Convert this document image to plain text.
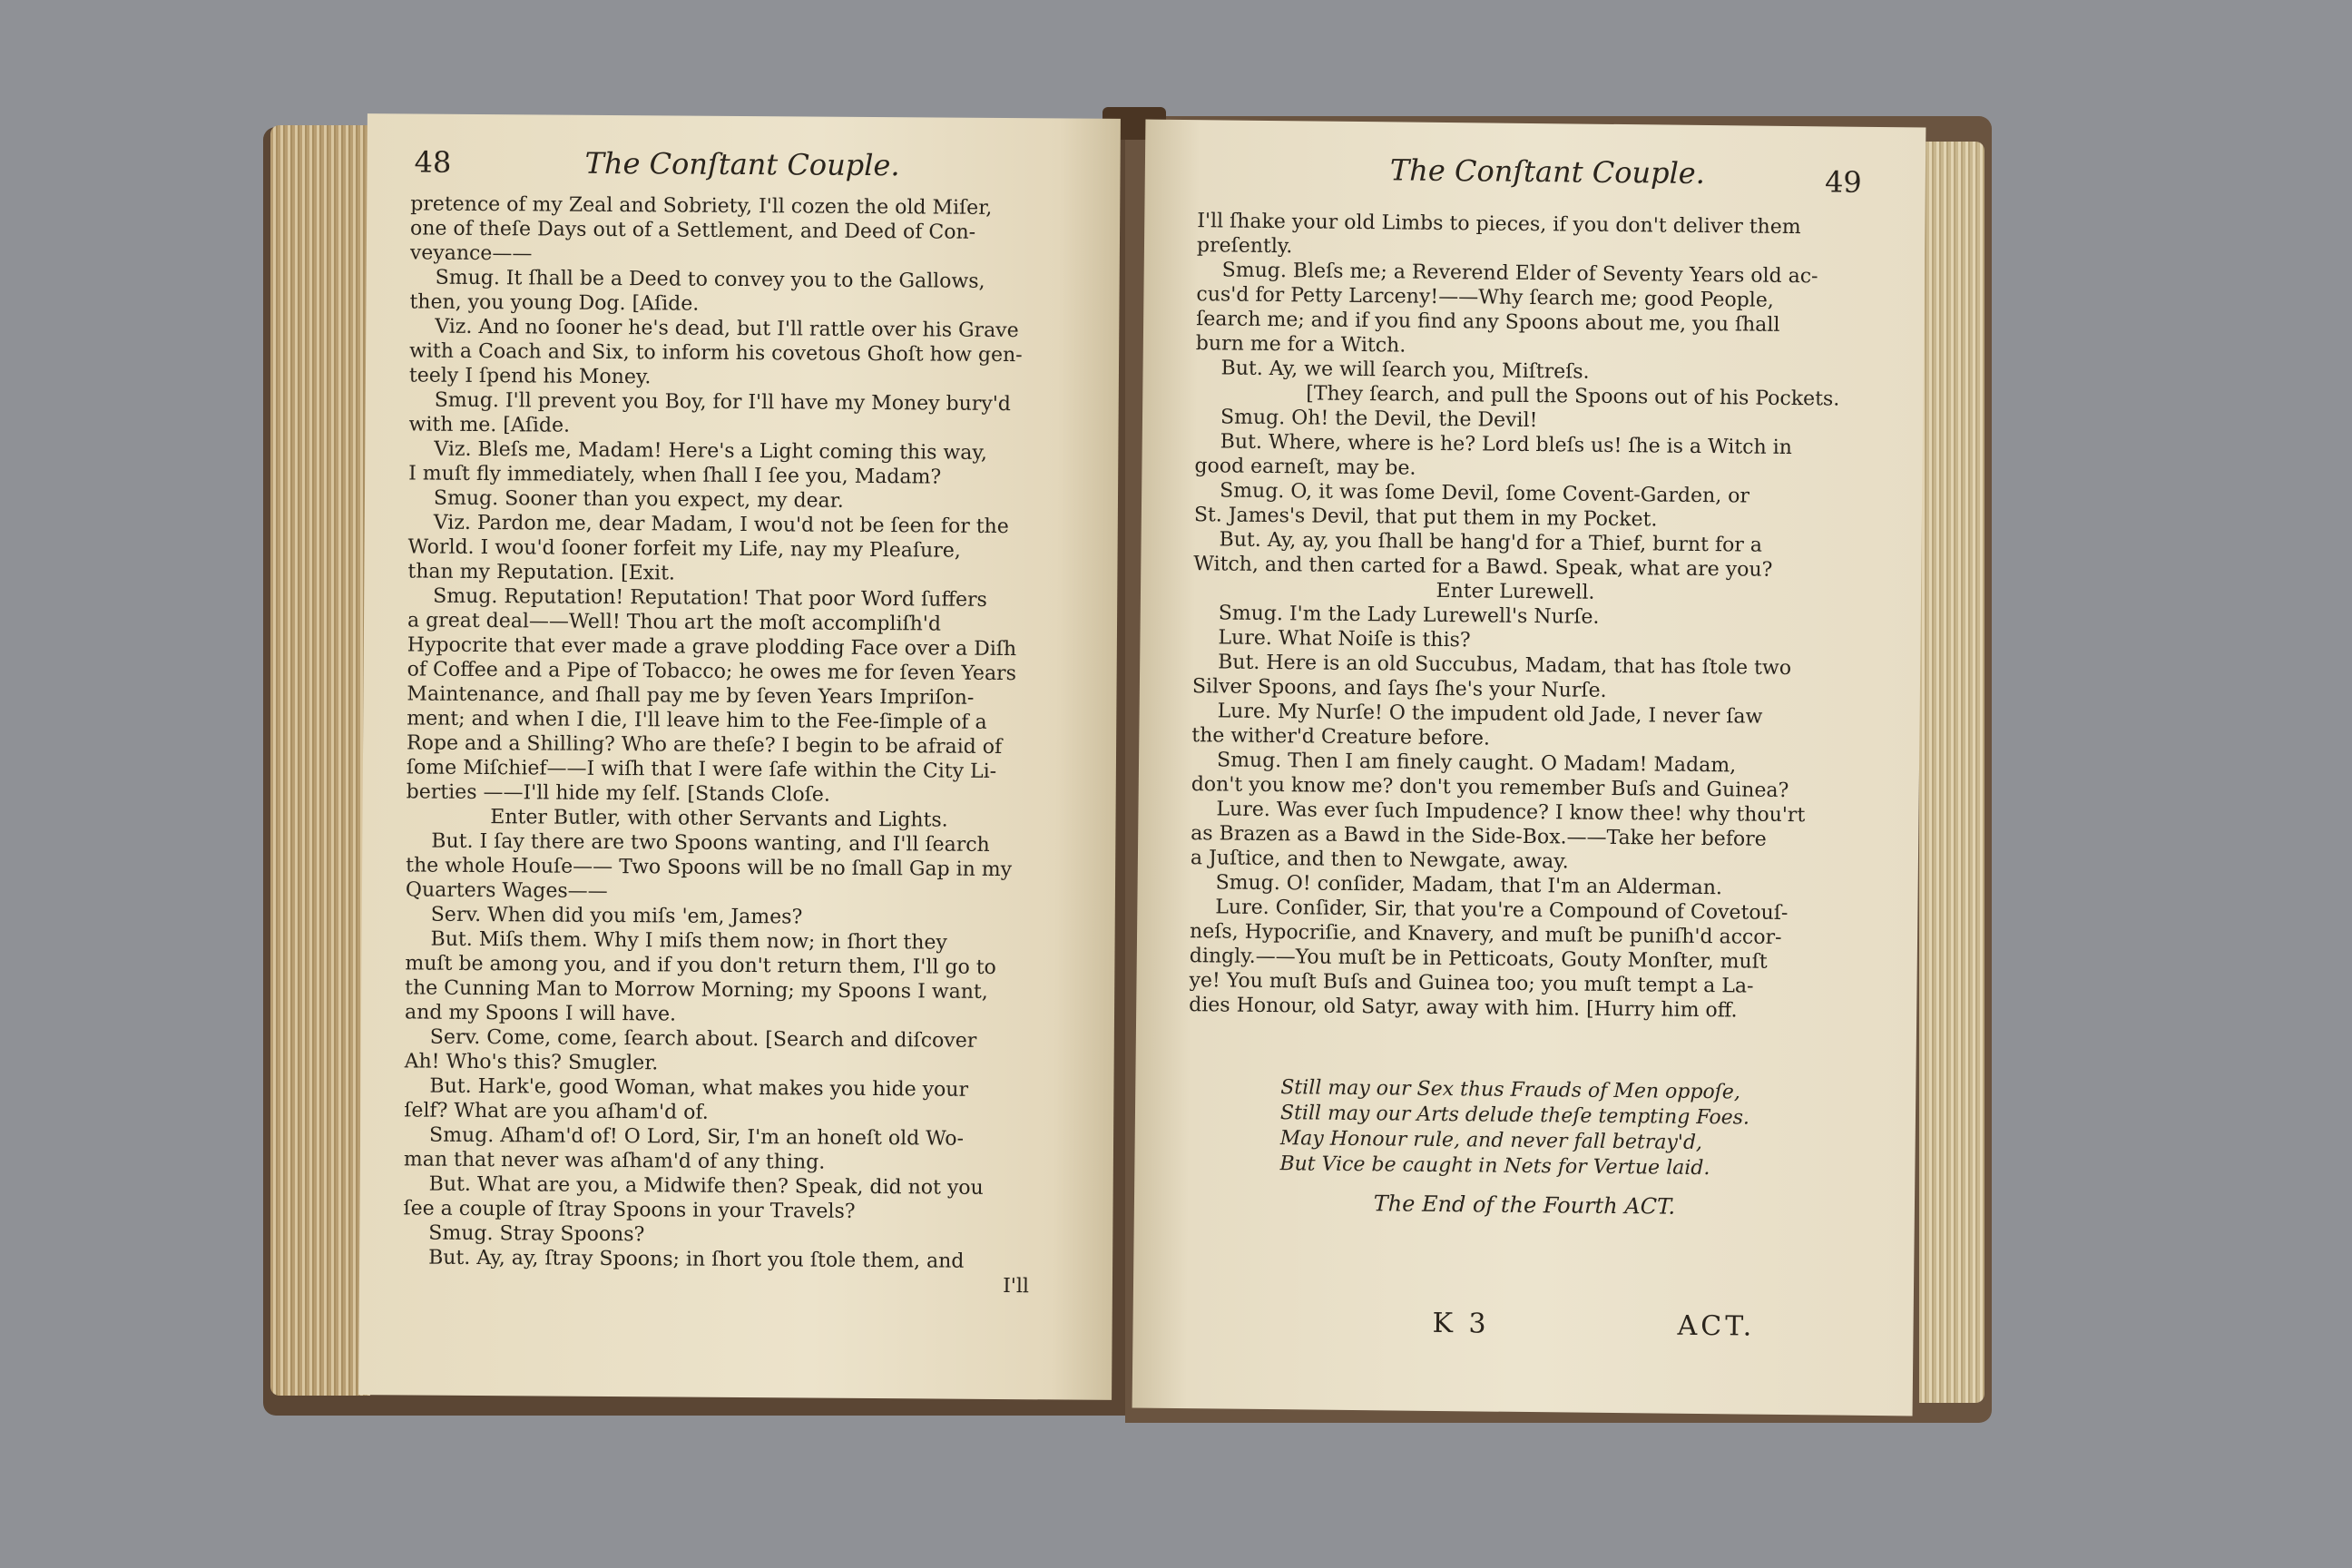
48	The Conſtant Couple.
pretence of my Zeal and Sobriety, I'll cozen the old Miſer,
one of theſe Days out of a Settlement, and Deed of Con-
veyance——
Smug. It ſhall be a Deed to convey you to the Gallows,
then, you young Dog. [Aſide.
Viz. And no ſooner he's dead, but I'll rattle over his Grave
with a Coach and Six, to inform his covetous Ghoſt how gen-
teely I ſpend his Money.
Smug. I'll prevent you Boy, for I'll have my Money bury'd
with me. [Aſide.
Viz. Bleſs me, Madam! Here's a Light coming this way,
I muſt fly immediately, when ſhall I ſee you, Madam?
Smug. Sooner than you expect, my dear.
Viz. Pardon me, dear Madam, I wou'd not be ſeen for the
World. I wou'd ſooner forfeit my Life, nay my Pleaſure,
than my Reputation. [Exit.
Smug. Reputation! Reputation! That poor Word ſuffers
a great deal——Well! Thou art the moſt accompliſh'd
Hypocrite that ever made a grave plodding Face over a Diſh
of Coffee and a Pipe of Tobacco; he owes me for ſeven Years
Maintenance, and ſhall pay me by ſeven Years Impriſon-
ment; and when I die, I'll leave him to the Fee-ſimple of a
Rope and a Shilling? Who are theſe? I begin to be afraid of
ſome Miſchief——I wiſh that I were ſafe within the City Li-
berties ——I'll hide my ſelf. [Stands Cloſe.
Enter Butler, with other Servants and Lights.
But. I ſay there are two Spoons wanting, and I'll ſearch
the whole Houſe—— Two Spoons will be no ſmall Gap in my
Quarters Wages——
Serv. When did you miſs 'em, James?
But. Miſs them. Why I miſs them now; in ſhort they
muſt be among you, and if you don't return them, I'll go to
the Cunning Man to Morrow Morning; my Spoons I want,
and my Spoons I will have.
Serv. Come, come, ſearch about. [Search and diſcover
Ah! Who's this? Smugler.
But. Hark'e, good Woman, what makes you hide your
ſelf? What are you aſham'd of.
Smug. Aſham'd of! O Lord, Sir, I'm an honeſt old Wo-
man that never was aſham'd of any thing.
But. What are you, a Midwife then? Speak, did not you
ſee a couple of ſtray Spoons in your Travels?
Smug. Stray Spoons?
But. Ay, ay, ſtray Spoons; in ſhort you ſtole them, and
I'll
The Conſtant Couple.	49
I'll ſhake your old Limbs to pieces, if you don't deliver them
preſently.
Smug. Bleſs me; a Reverend Elder of Seventy Years old ac-
cus'd for Petty Larceny!——Why ſearch me; good People,
ſearch me; and if you find any Spoons about me, you ſhall
burn me for a Witch.
But. Ay, we will ſearch you, Miſtreſs.
[They ſearch, and pull the Spoons out of his Pockets.
Smug. Oh! the Devil, the Devil!
But. Where, where is he? Lord bleſs us! ſhe is a Witch in
good earneſt, may be.
Smug. O, it was ſome Devil, ſome Covent-Garden, or
St. James's Devil, that put them in my Pocket.
But. Ay, ay, you ſhall be hang'd for a Thief, burnt for a
Witch, and then carted for a Bawd. Speak, what are you?
Enter Lurewell.
Smug. I'm the Lady Lurewell's Nurſe.
Lure. What Noiſe is this?
But. Here is an old Succubus, Madam, that has ſtole two
Silver Spoons, and ſays ſhe's your Nurſe.
Lure. My Nurſe! O the impudent old Jade, I never ſaw
the wither'd Creature before.
Smug. Then I am finely caught. O Madam! Madam,
don't you know me? don't you remember Buſs and Guinea?
Lure. Was ever ſuch Impudence? I know thee! why thou'rt
as Brazen as a Bawd in the Side-Box.——Take her before
a Juſtice, and then to Newgate, away.
Smug. O! conſider, Madam, that I'm an Alderman.
Lure. Conſider, Sir, that you're a Compound of Covetouſ-
neſs, Hypocriſie, and Knavery, and muſt be puniſh'd accor-
dingly.——You muſt be in Petticoats, Gouty Monſter, muſt
ye! You muſt Buſs and Guinea too; you muſt tempt a La-
dies Honour, old Satyr, away with him. [Hurry him off.
Still may our Sex thus Frauds of Men oppoſe,
Still may our Arts delude theſe tempting Foes.
May Honour rule, and never fall betray'd,
But Vice be caught in Nets for Vertue laid.
The End of the Fourth ACT.
K 3	ACT.
